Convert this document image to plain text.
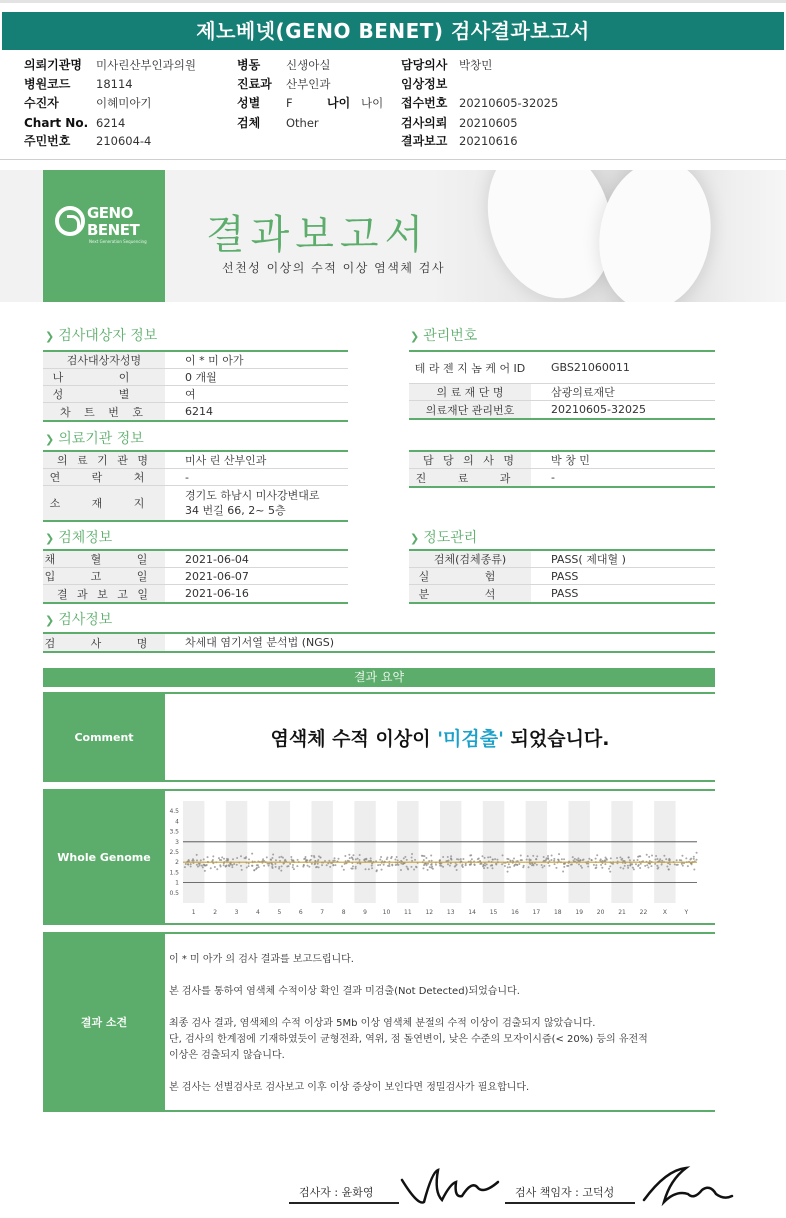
제노베넷(GENO BENET) 검사결과보고서
의뢰기관명 미사린산부인과의원
병원코드 18114
수진자	이혜미아기
Chart No. 6214
주민번호 210604-4
병동 신생아실
진료과 산부인과
성별 F
검체 Other
나이 나이
담당의사 박창민
임상정보
접수번호 20210605-32025
검사의뢰 20210605
결과보고 20210616
GENO
BENET
Next Generation Sequencing 결과보고서
선천성 이상의 수적 이상 염색체 검사
❯ 검사대상자 정보
검사대상자성명	이 * 미 아가
나 이	0 개월
성 별	여
차 트 번 호	6214
❯ 관리번호
테 라 젠 지 놈 케 어 ID	GBS21060011
의 료 재 단 명	삼광의료재단
의료재단 관리번호	20210605-32025
❯ 의료기관 정보
의 료 기 관 명	미사 린 산부인과
연 락 처	-
소 재 지
경기도 하남시 미사강변대로 34 번길 66, 2~ 5층
담 당 의 사 명	박 창 민
진 료 과	-
❯ 검체정보
채 혈 일	2021-06-04
입 고 일	2021-06-07
결 과 보 고 일	2021-06-16
❯ 정도관리
검체(검체종류)	PASS( 제대혈 )
실 험	PASS
분 석	PASS
❯ 검사정보
검 사 명	차세대 염기서열 분석법 (NGS)
결과 요약
Comment	염색체 수적 이상이 '미검출' 되었습니다.
Whole Genome
0.5
1
1.5
2
2.5
3
3.5
4
4.5
1	2	3	4	5	6	7	8	9	10 11 12 13 14 15 16 17 18 19 20 21 22	X	Y
결과 소견
이 * 미 아가 의 검사 결과를 보고드립니다.
본 검사를 통하여 염색체 수적이상 확인 결과 미검출(Not Detected)되었습니다.
최종 검사 결과, 염색체의 수적 이상과 5Mb 이상 염색체 분절의 수적 이상이 검출되지 않았습니다.
단, 검사의 한계점에 기재하였듯이 균형전좌, 역위, 점 돌연변이, 낮은 수준의 모자이시즘(< 20%) 등의 유전적
이상은 검출되지 않습니다.
본 검사는 선별검사로 검사보고 이후 이상 증상이 보인다면 정밀검사가 필요합니다.
검사자 : 윤화영	검사 책임자 : 고덕성
